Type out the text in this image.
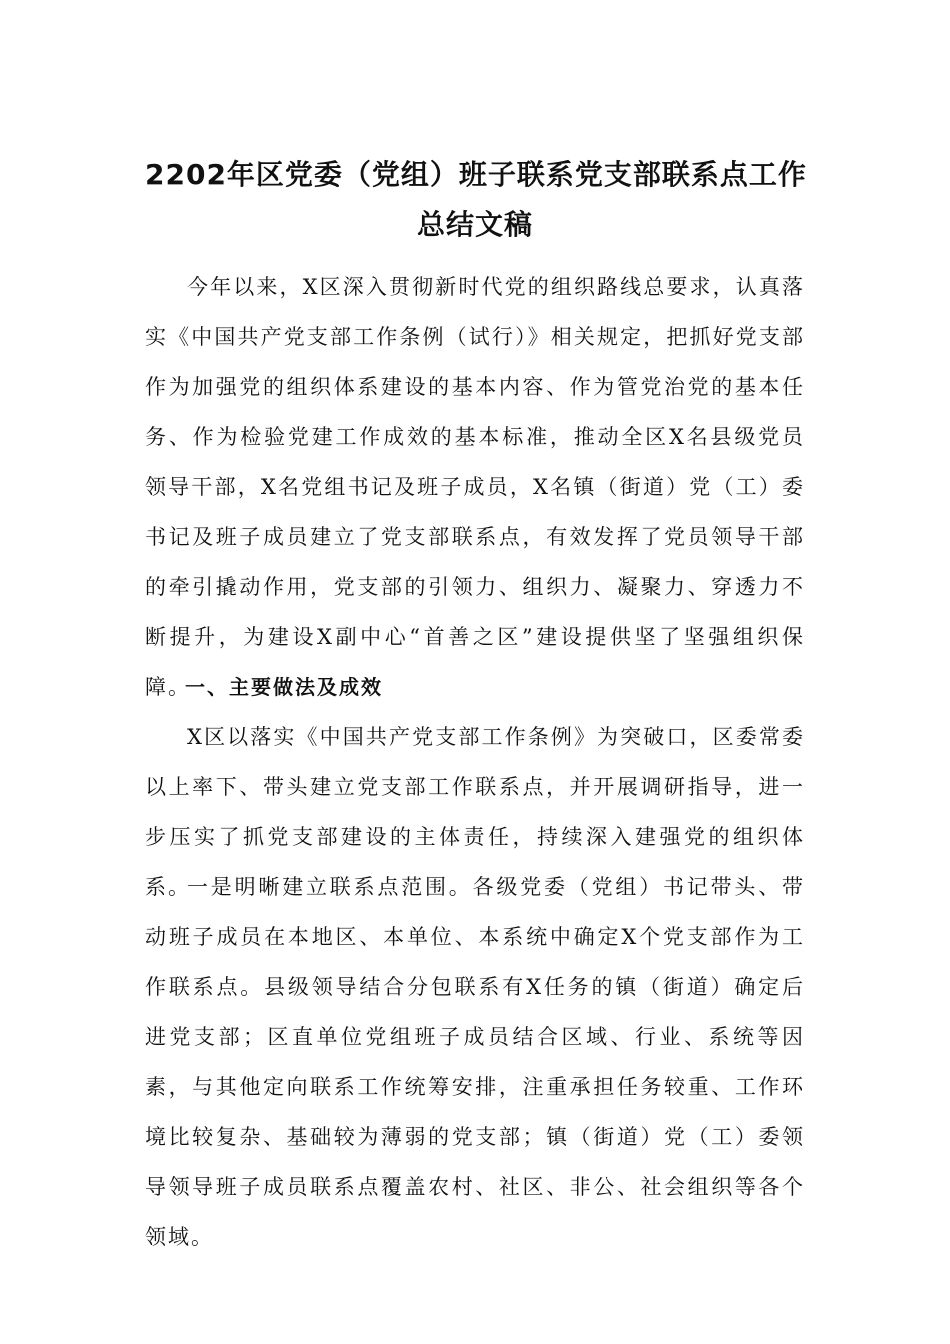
2202年区党委（党组）班子联系党支部联系点工作
总结文稿

今年以来，X区深入贯彻新时代党的组织路线总要求，认真落实《中国共产党支部工作条例（试行）》相关规定，把抓好党支部作为加强党的组织体系建设的基本内容、作为管党治党的基本任务、作为检验党建工作成效的基本标准，推动全区X名县级党员领导干部，X名党组书记及班子成员，X名镇（街道）党（工）委书记及班子成员建立了党支部联系点，有效发挥了党员领导干部的牵引撬动作用，党支部的引领力、组织力、凝聚力、穿透力不断提升，为建设X副中心“首善之区”建设提供坚了坚强组织保障。

一、主要做法及成效

X区以落实《中国共产党支部工作条例》为突破口，区委常委以上率下、带头建立党支部工作联系点，并开展调研指导，进一步压实了抓党支部建设的主体责任，持续深入建强党的组织体系。

一是明晰建立联系点范围。各级党委（党组）书记带头、带动班子成员在本地区、本单位、本系统中确定X个党支部作为工作联系点。县级领导结合分包联系有X任务的镇（街道）确定后进党支部；区直单位党组班子成员结合区域、行业、系统等因素，与其他定向联系工作统筹安排，注重承担任务较重、工作环境比较复杂、基础较为薄弱的党支部；镇（街道）党（工）委领导领导班子成员联系点覆盖农村、社区、非公、社会组织等各个领域。
